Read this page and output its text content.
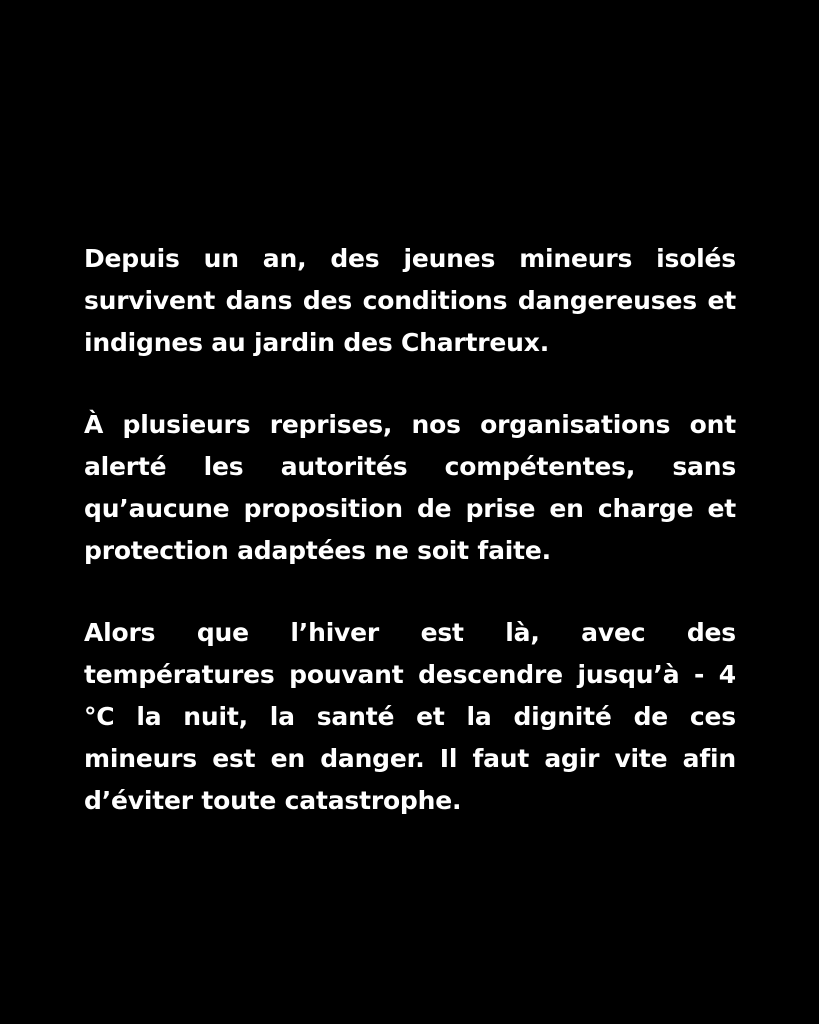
Depuis un an, des jeunes mineurs isolés survivent dans des conditions dangereuses et indignes au jardin des Chartreux.

À plusieurs reprises, nos organisations ont alerté les autorités compétentes, sans qu’aucune proposition de prise en charge et protection adaptées ne soit faite.

Alors que l’hiver est là, avec des températures pouvant descendre jusqu’à - 4 °C la nuit, la santé et la dignité de ces mineurs est en danger. Il faut agir vite afin d’éviter toute catastrophe.
